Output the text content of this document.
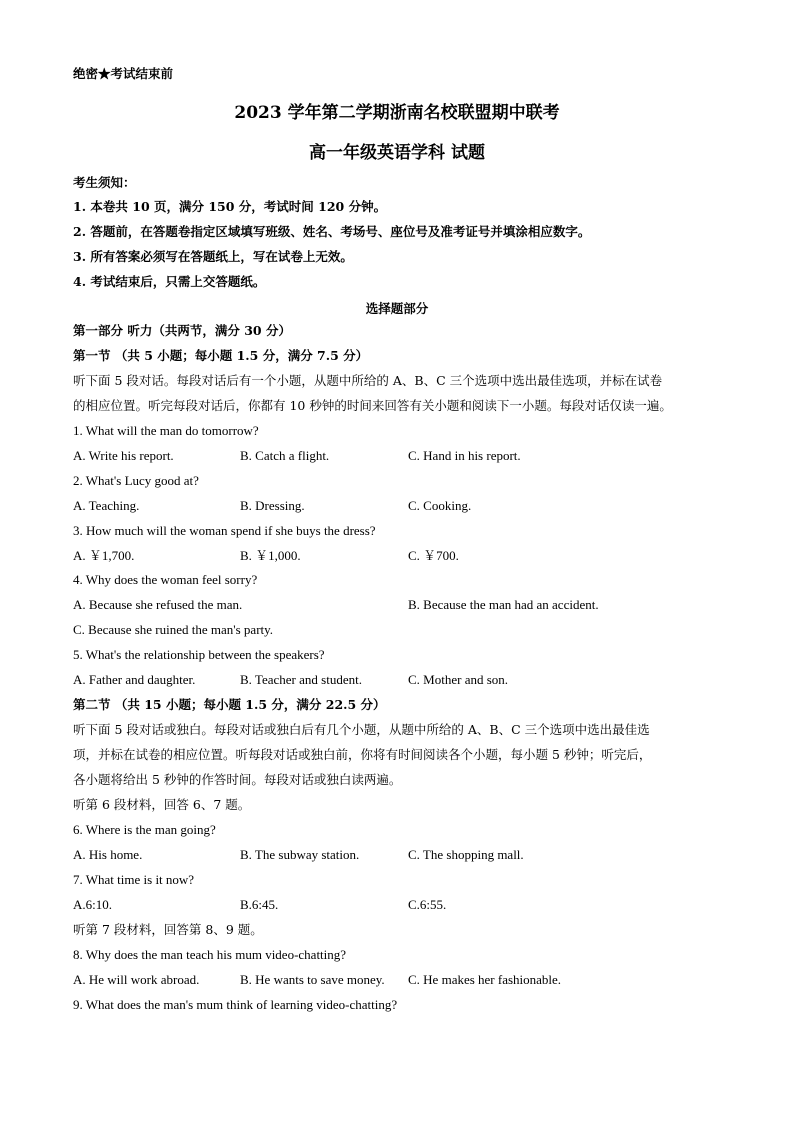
绝密★考试结束前
2023 学年第二学期浙南名校联盟期中联考
高一年级英语学科 试题
考生须知：
1. 本卷共 10 页，满分 150 分，考试时间 120 分钟。
2. 答题前，在答题卷指定区域填写班级、姓名、考场号、座位号及准考证号并填涂相应数字。
3. 所有答案必须写在答题纸上，写在试卷上无效。
4. 考试结束后，只需上交答题纸。
选择题部分
第一部分 听力（共两节，满分 30 分）
第一节 （共 5 小题；每小题 1.5 分，满分 7.5 分）
听下面 5 段对话。每段对话后有一个小题，从题中所给的 A、B、C 三个选项中选出最佳选项，并标在试卷
的相应位置。听完每段对话后，你都有 10 秒钟的时间来回答有关小题和阅读下一小题。每段对话仅读一遍。
1. What will the man do tomorrow?
A. Write his report.	B. Catch a flight.	C. Hand in his report.
2. What's Lucy good at?
A. Teaching.	B. Dressing.	C. Cooking.
3. How much will the woman spend if she buys the dress?
A. ￥1,700.	B. ￥1,000.	C. ￥700.
4. Why does the woman feel sorry?
A. Because she refused the man.	B. Because the man had an accident.
C. Because she ruined the man's party.
5. What's the relationship between the speakers?
A. Father and daughter.	B. Teacher and student.	C. Mother and son.
第二节 （共 15 小题；每小题 1.5 分，满分 22.5 分）
听下面 5 段对话或独白。每段对话或独白后有几个小题，从题中所给的 A、B、C 三个选项中选出最佳选
项，并标在试卷的相应位置。听每段对话或独白前，你将有时间阅读各个小题，每小题 5 秒钟；听完后，
各小题将给出 5 秒钟的作答时间。每段对话或独白读两遍。
听第 6 段材料，回答 6、7 题。
6. Where is the man going?
A. His home.	B. The subway station.	C. The shopping mall.
7. What time is it now?
A.6:10.	B.6:45.	C.6:55.
听第 7 段材料，回答第 8、9 题。
8. Why does the man teach his mum video-chatting?
A. He will work abroad.	B. He wants to save money. C. He makes her fashionable.
9. What does the man's mum think of learning video-chatting?
